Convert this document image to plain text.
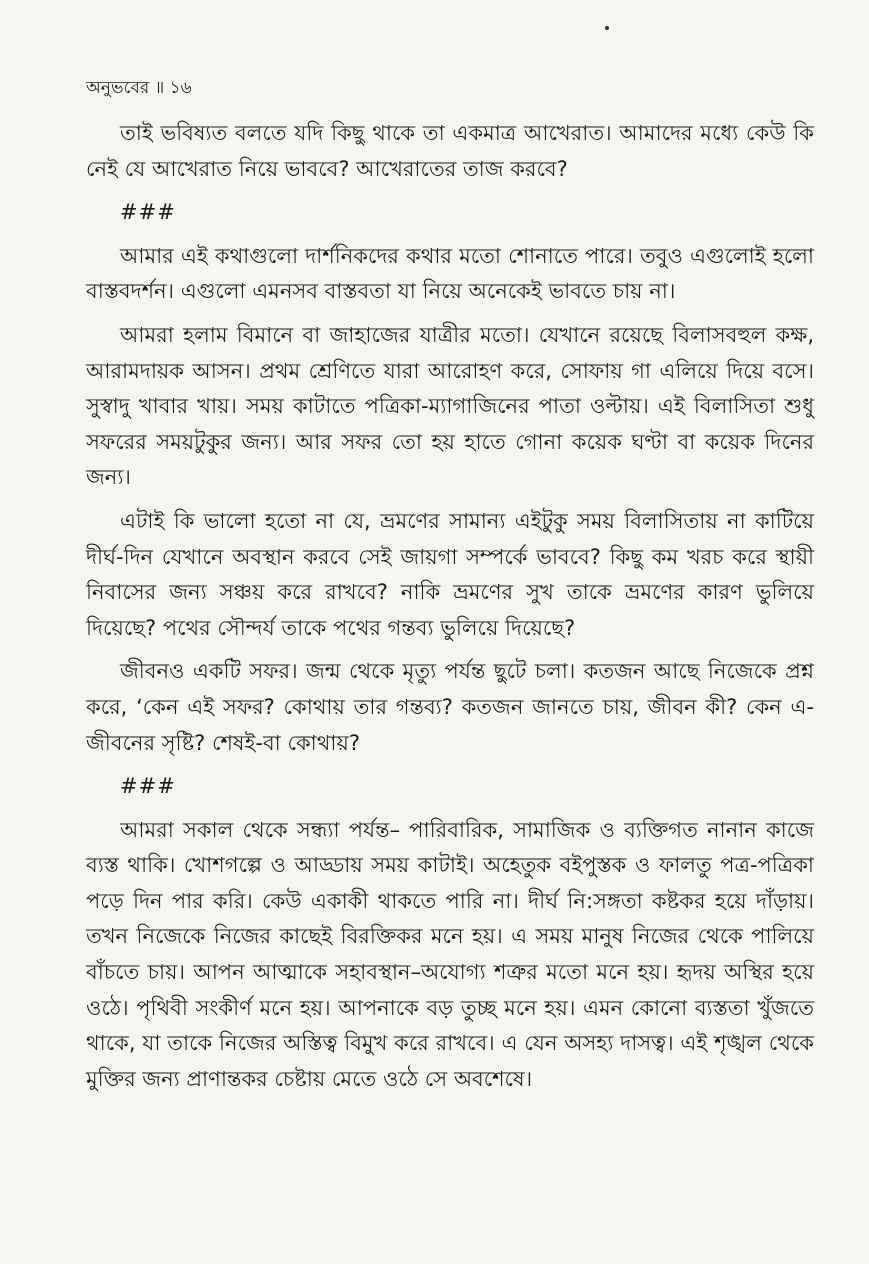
অনুভবের ॥ ১৬

তাই ভবিষ্যত বলতে যদি কিছু থাকে তা একমাত্র আখেরাত। আমাদের মধ্যে কেউ কি নেই যে আখেরাত নিয়ে ভাববে? আখেরাতের তাজ করবে?

###

আমার এই কথাগুলো দার্শনিকদের কথার মতো শোনাতে পারে। তবুও এগুলোই হলো বাস্তবদর্শন। এগুলো এমনসব বাস্তবতা যা নিয়ে অনেকেই ভাবতে চায় না।

আমরা হলাম বিমানে বা জাহাজের যাত্রীর মতো। যেখানে রয়েছে বিলাসবহুল কক্ষ, আরামদায়ক আসন। প্রথম শ্রেণিতে যারা আরোহণ করে, সোফায় গা এলিয়ে দিয়ে বসে। সুস্বাদু খাবার খায়। সময় কাটাতে পত্রিকা-ম্যাগাজিনের পাতা ওল্টায়। এই বিলাসিতা শুধু সফরের সময়টুকুর জন্য। আর সফর তো হয় হাতে গোনা কয়েক ঘণ্টা বা কয়েক দিনের জন্য।

এটাই কি ভালো হতো না যে, ভ্রমণের সামান্য এইটুকু সময় বিলাসিতায় না কাটিয়ে দীর্ঘ-দিন যেখানে অবস্থান করবে সেই জায়গা সম্পর্কে ভাববে? কিছু কম খরচ করে স্থায়ী নিবাসের জন্য সঞ্চয় করে রাখবে? নাকি ভ্রমণের সুখ তাকে ভ্রমণের কারণ ভুলিয়ে দিয়েছে? পথের সৌন্দর্য তাকে পথের গন্তব্য ভুলিয়ে দিয়েছে?

জীবনও একটি সফর। জন্ম থেকে মৃত্যু পর্যন্ত ছুটে চলা। কতজন আছে নিজেকে প্রশ্ন করে, ‘কেন এই সফর? কোথায় তার গন্তব্য? কতজন জানতে চায়, জীবন কী? কেন এ-জীবনের সৃষ্টি? শেষই-বা কোথায়?

###

আমরা সকাল থেকে সন্ধ্যা পর্যন্ত– পারিবারিক, সামাজিক ও ব্যক্তিগত নানান কাজে ব্যস্ত থাকি। খোশগল্পে ও আড্ডায় সময় কাটাই। অহেতুক বইপুস্তক ও ফালতু পত্র-পত্রিকা পড়ে দিন পার করি। কেউ একাকী থাকতে পারি না। দীর্ঘ নি:সঙ্গতা কষ্টকর হয়ে দাঁড়ায়। তখন নিজেকে নিজের কাছেই বিরক্তিকর মনে হয়। এ সময় মানুষ নিজের থেকে পালিয়ে বাঁচতে চায়। আপন আত্মাকে সহাবস্থান–অযোগ্য শত্রুর মতো মনে হয়। হৃদয় অস্থির হয়ে ওঠে। পৃথিবী সংকীর্ণ মনে হয়। আপনাকে বড় তুচ্ছ মনে হয়। এমন কোনো ব্যস্ততা খুঁজতে থাকে, যা তাকে নিজের অস্তিত্ব বিমুখ করে রাখবে। এ যেন অসহ্য দাসত্ব। এই শৃঙ্খল থেকে মুক্তির জন্য প্রাণান্তকর চেষ্টায় মেতে ওঠে সে অবশেষে।
